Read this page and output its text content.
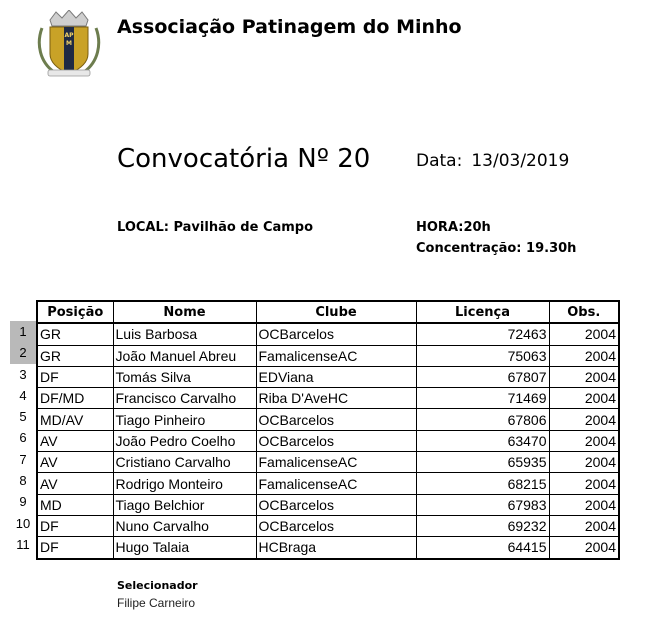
APM
Associação Patinagem do Minho
Convocatória Nº 20	Data: 13/03/2019
LOCAL: Pavilhão de Campo	HORA:20h
Concentração: 19.30h
1
2
3
4
5
6
7
8
9
10
11
Posição	Nome	Clube	Licença	Obs.
GR	Luis Barbosa	OCBarcelos	72463	2004
GR	João Manuel Abreu	FamalicenseAC	75063	2004
DF	Tomás Silva	EDViana	67807	2004
DF/MD	Francisco Carvalho	Riba D'AveHC	71469	2004
MD/AV	Tiago Pinheiro	OCBarcelos	67806	2004
AV	João Pedro Coelho	OCBarcelos	63470	2004
AV	Cristiano Carvalho	FamalicenseAC	65935	2004
AV	Rodrigo Monteiro	FamalicenseAC	68215	2004
MD	Tiago Belchior	OCBarcelos	67983	2004
DF	Nuno Carvalho	OCBarcelos	69232	2004
DF	Hugo Talaia	HCBraga	64415	2004
Selecionador
Filipe Carneiro
